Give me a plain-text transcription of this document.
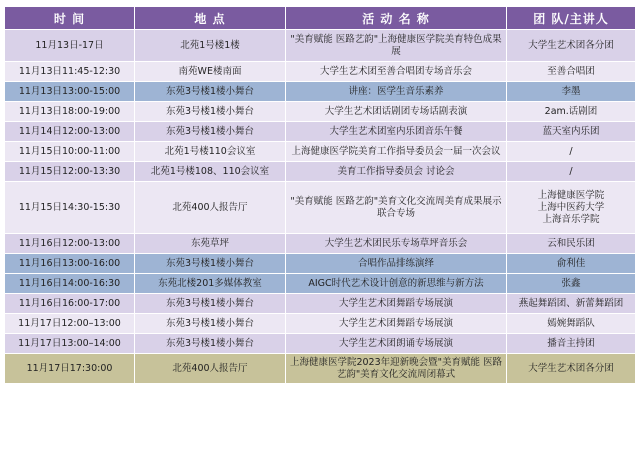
时 间	地 点	活 动 名 称	团 队/主讲人
11月13日-17日	北苑1号楼1楼	"美育赋能 医路艺韵"上海健康医学院美育特色成果展	大学生艺术团各分团
11月13日11:45-12:30	南苑WE楼南面	大学生艺术团至善合唱团专场音乐会	至善合唱团
11月13日13:00-15:00	东苑3号楼1楼小舞台	讲座：医学生音乐素养	李墨
11月13日18:00-19:00	东苑3号楼1楼小舞台	大学生艺术团话剧团专场话剧表演	2am.话剧团
11月14日12:00-13:00	东苑3号楼1楼小舞台	大学生艺术团室内乐团音乐午餐	蓝天室内乐团
11月15日10:00-11:00	北苑1号楼110会议室	上海健康医学院美育工作指导委员会一届一次会议	/
11月15日12:00-13:30	北苑1号楼108、110会议室	美育工作指导委员会 讨论会	/
11月15日14:30-15:30	北苑400人报告厅	"美育赋能 医路艺韵"美育文化交流周美育成果展示联合专场	上海健康医学院
上海中医药大学
上海音乐学院
11月16日12:00-13:00	东苑草坪	大学生艺术团民乐专场草坪音乐会	云和民乐团
11月16日13:00-16:00	东苑3号楼1楼小舞台	合唱作品排练演绎	俞利佳
11月16日14:00-16:30	东苑北楼201多媒体教室	AIGC时代艺术设计创意的新思维与新方法	张鑫
11月16日16:00-17:00	东苑3号楼1楼小舞台	大学生艺术团舞蹈专场展演	燕起舞蹈团、新蕾舞蹈团
11月17日12:00–13:00	东苑3号楼1楼小舞台	大学生艺术团舞蹈专场展演	嫣婉舞蹈队
11月17日13:00–14:00	东苑3号楼1楼小舞台	大学生艺术团朗诵专场展演	播音主持团
11月17日17:30:00	北苑400人报告厅	上海健康医学院2023年迎新晚会暨"美育赋能 医路艺韵"美育文化交流周闭幕式	大学生艺术团各分团
